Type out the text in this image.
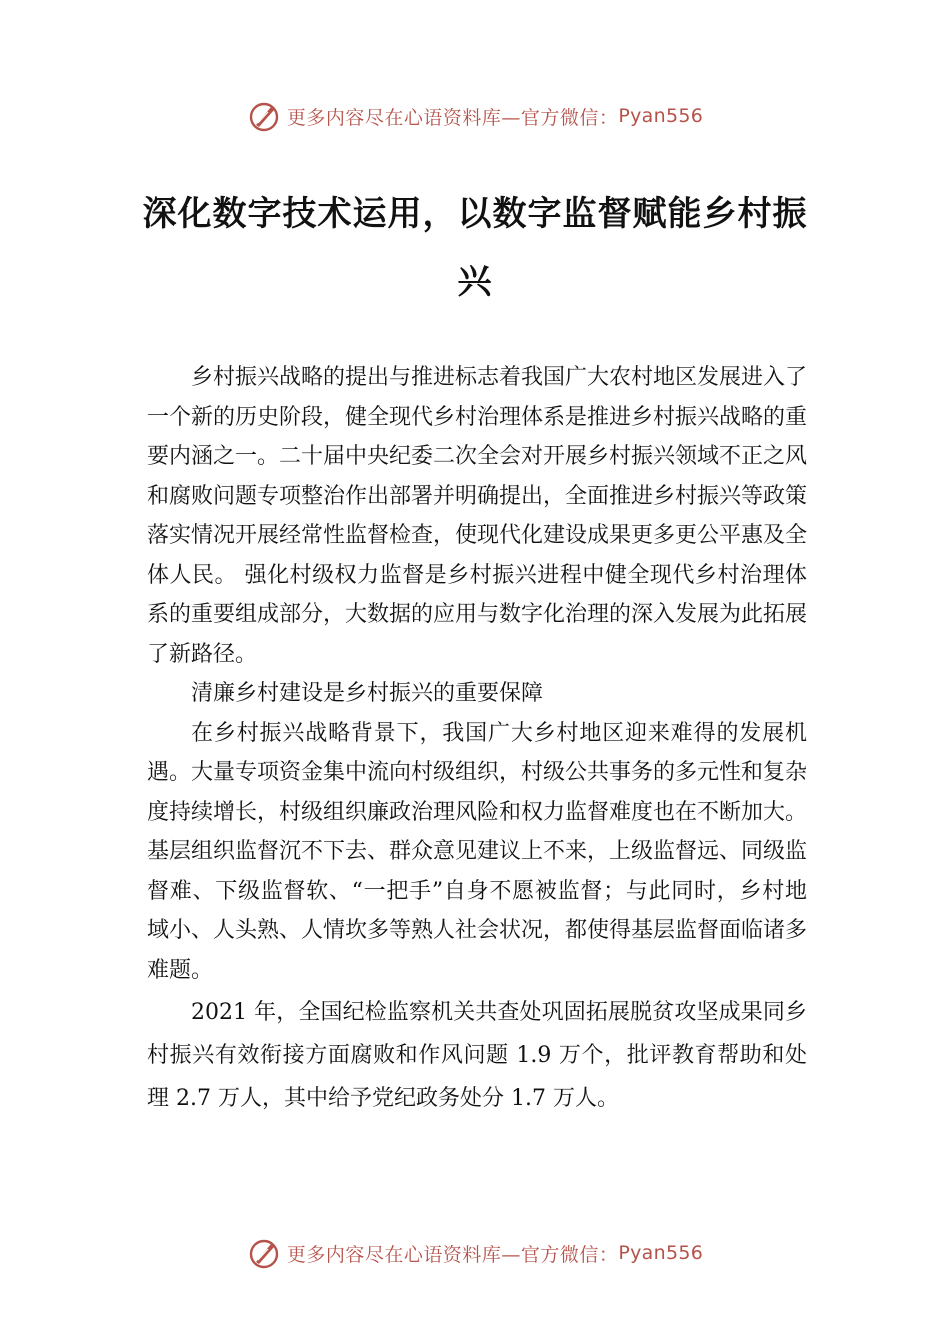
更多内容尽在心语资料库—官方微信： Pyan556
深化数字技术运用，以数字监督赋能乡村振兴

乡村振兴战略的提出与推进标志着我国广大农村地区发展进入了一个新的历史阶段，健全现代乡村治理体系是推进乡村振兴战略的重要内涵之一。二十届中央纪委二次全会对开展乡村振兴领域不正之风和腐败问题专项整治作出部署并明确提出，全面推进乡村振兴等政策落实情况开展经常性监督检查，使现代化建设成果更多更公平惠及全体人民。 强化村级权力监督是乡村振兴进程中健全现代乡村治理体系的重要组成部分，大数据的应用与数字化治理的深入发展为此拓展了新路径。

清廉乡村建设是乡村振兴的重要保障

在乡村振兴战略背景下，我国广大乡村地区迎来难得的发展机遇。大量专项资金集中流向村级组织，村级公共事务的多元性和复杂度持续增长，村级组织廉政治理风险和权力监督难度也在不断加大。基层组织监督沉不下去、群众意见建议上不来，上级监督远、同级监督难、下级监督软、“一把手”自身不愿被监督；与此同时，乡村地域小、人头熟、人情坎多等熟人社会状况，都使得基层监督面临诸多难题。

2021 年，全国纪检监察机关共查处巩固拓展脱贫攻坚成果同乡村振兴有效衔接方面腐败和作风问题 1.9 万个，批评教育帮助和处理 2.7 万人，其中给予党纪政务处分 1.7 万人。

更多内容尽在心语资料库—官方微信： Pyan556
